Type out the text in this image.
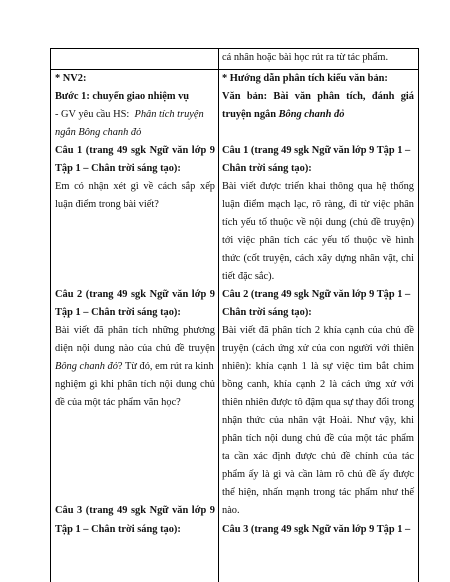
cá nhân hoặc bài học rút ra từ tác phẩm.
* NV2:
Bước 1: chuyển giao nhiệm vụ
- GV yêu cầu HS: Phân tích truyện
ngắn Bông chanh đỏ
Câu 1 (trang 49 sgk Ngữ văn lớp 9
Tập 1 – Chân trời sáng tạo):
Em có nhận xét gì về cách sắp xếp
luận điểm trong bài viết?
Câu 2 (trang 49 sgk Ngữ văn lớp 9
Tập 1 – Chân trời sáng tạo):
Bài viết đã phân tích những phương
diện nội dung nào của chủ đề truyện
Bông chanh đỏ? Từ đó, em rút ra kinh
nghiệm gì khi phân tích nội dung chủ
đề của một tác phẩm văn học?
Câu 3 (trang 49 sgk Ngữ văn lớp 9
Tập 1 – Chân trời sáng tạo):
* Hướng dẫn phân tích kiểu văn bản:
Văn bản: Bài văn phân tích, đánh giá
truyện ngắn Bông chanh đỏ
Câu 1 (trang 49 sgk Ngữ văn lớp 9 Tập 1 –
Chân trời sáng tạo):
Bài viết được triển khai thông qua hệ thống
luận điểm mạch lạc, rõ ràng, đi từ việc phân
tích yếu tố thuộc về nội dung (chủ đề truyện)
tới việc phân tích các yếu tố thuộc về hình
thức (cốt truyện, cách xây dựng nhân vật, chi
tiết đặc sắc).
Câu 2 (trang 49 sgk Ngữ văn lớp 9 Tập 1 –
Chân trời sáng tạo):
Bài viết đã phân tích 2 khía cạnh của chủ đề
truyện (cách ứng xử của con người với thiên
nhiên): khía cạnh 1 là sự việc tìm bắt chim
bồng canh, khía cạnh 2 là cách ứng xử với
thiên nhiên được tô đậm qua sự thay đổi trong
nhận thức của nhân vật Hoài. Như vậy, khi
phân tích nội dung chủ đề của một tác phẩm
ta cần xác định được chủ đề chính của tác
phẩm ấy là gì và cần làm rõ chủ đề ấy được
thể hiện, nhấn mạnh trong tác phẩm như thế
nào.
Câu 3 (trang 49 sgk Ngữ văn lớp 9 Tập 1 –
